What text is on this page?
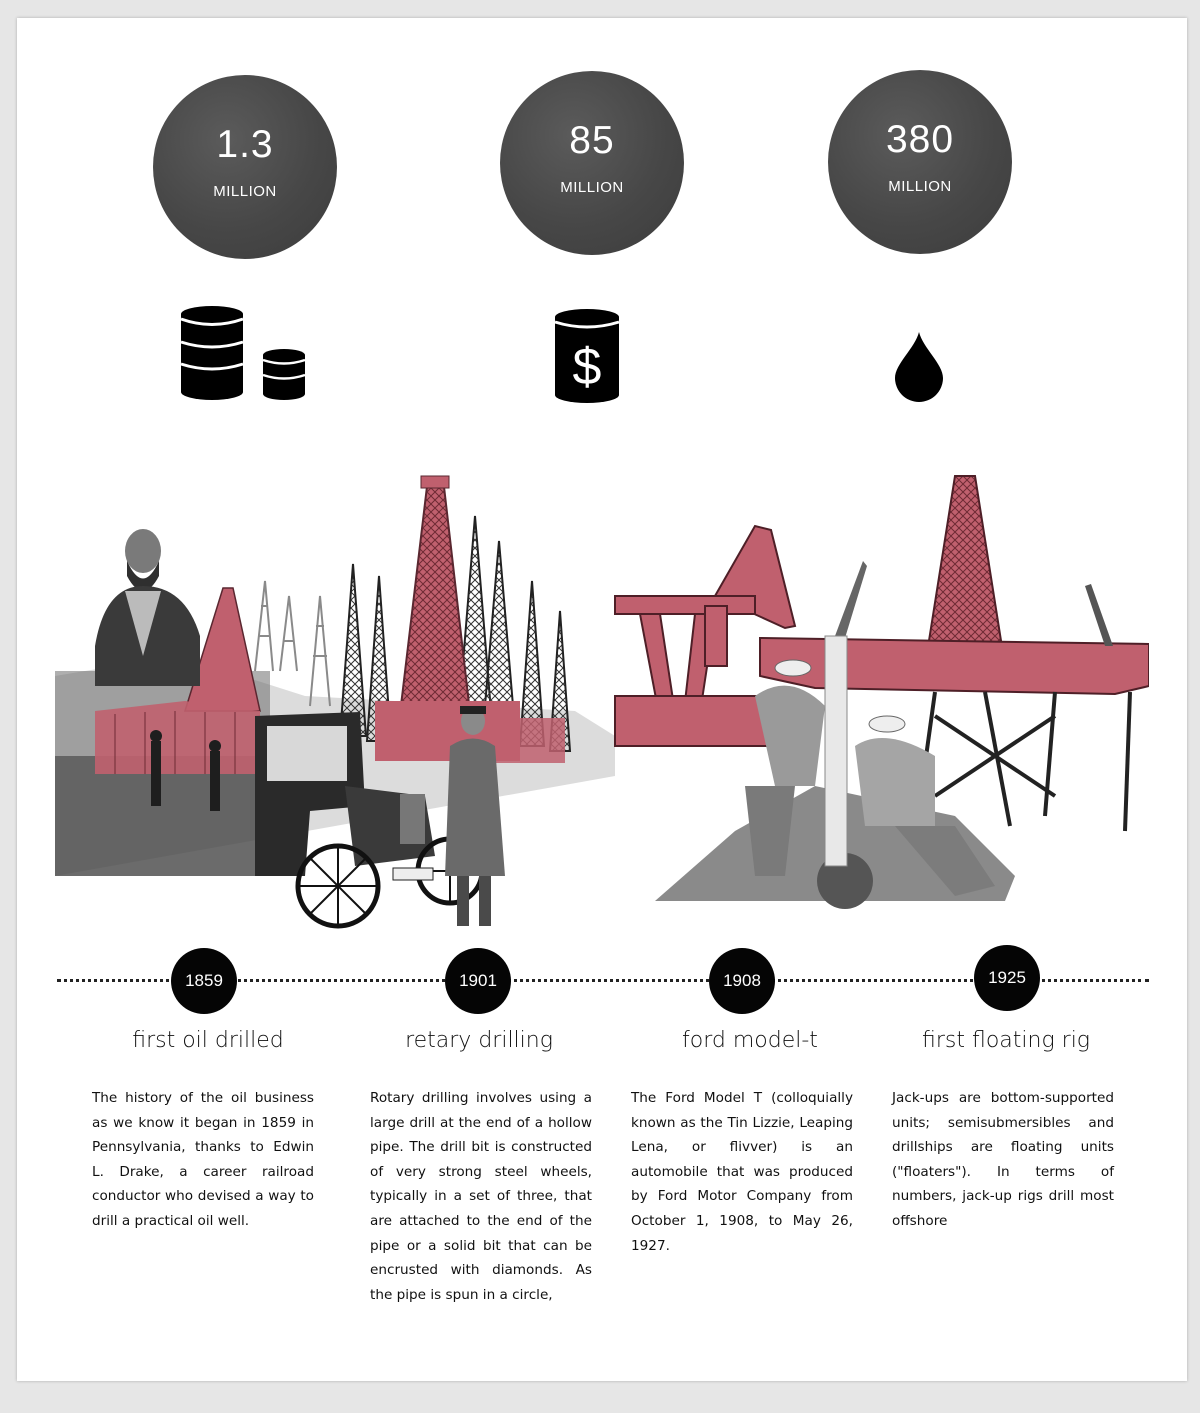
1.3
MILLION
85
MILLION
380
MILLION
$
1859	1901	1908	1925
first oil drilled	retary drilling	ford model-t	first floating rig

The history of the oil business as we know it began in 1859 in Pennsylvania, thanks to Edwin L. Drake, a career railroad conductor who devised a way to drill a practical oil well.

Rotary drilling involves using a large drill at the end of a hollow pipe. The drill bit is constructed of very strong steel wheels, typically in a set of three, that are attached to the end of the pipe or a solid bit that can be encrusted with diamonds. As the pipe is spun in a circle,

The Ford Model T (colloquially known as the Tin Lizzie, Leaping Lena, or flivver) is an automobile that was produced by Ford Motor Company from October 1, 1908, to May 26, 1927.

Jack-ups are bottom-supported units; semisubmersibles and drillships are floating units ("floaters"). In terms of numbers, jack-up rigs drill most offshore
